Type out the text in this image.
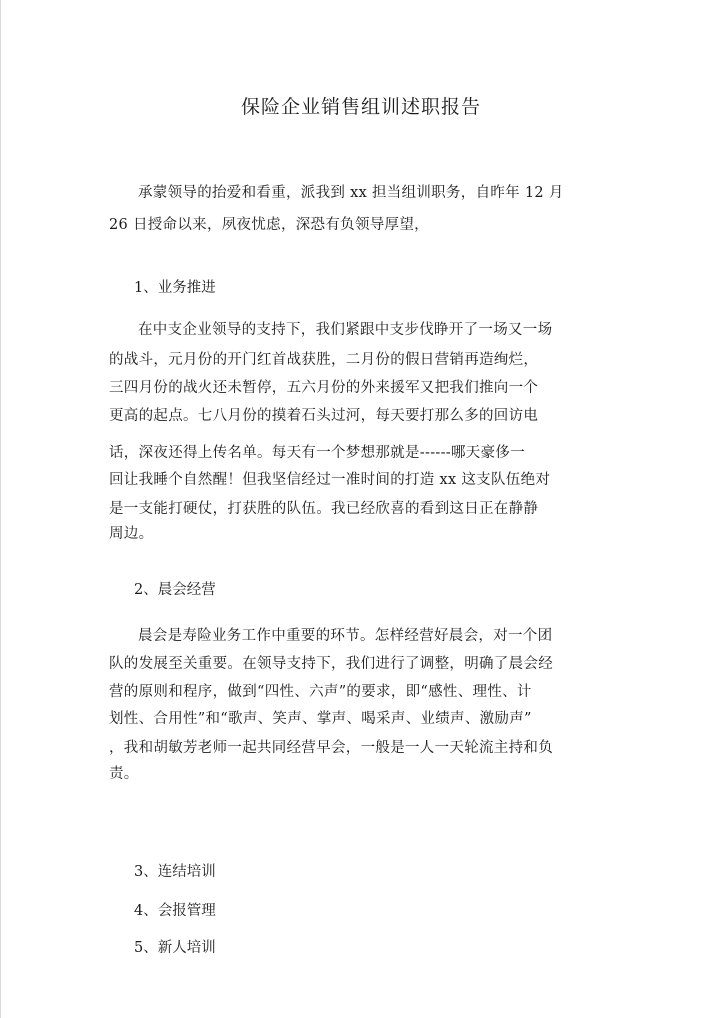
保险企业销售组训述职报告
承蒙领导的抬爱和看重，派我到 xx 担当组训职务，自昨年 12 月
26 日授命以来，夙夜忧虑，深恐有负领导厚望，
1、业务推进
在中支企业领导的支持下，我们紧跟中支步伐睁开了一场又一场
的战斗，元月份的开门红首战获胜，二月份的假日营销再造绚烂，
三四月份的战火还未暂停，五六月份的外来援军又把我们推向一个
更高的起点。七八月份的摸着石头过河，每天要打那么多的回访电
话，深夜还得上传名单。每天有一个梦想那就是------哪天豪侈一
回让我睡个自然醒！但我坚信经过一准时间的打造 xx 这支队伍绝对
是一支能打硬仗，打获胜的队伍。我已经欣喜的看到这日正在静静
周边。
2、晨会经营
晨会是寿险业务工作中重要的环节。怎样经营好晨会，对一个团
队的发展至关重要。在领导支持下，我们进行了调整，明确了晨会经
营的原则和程序，做到“四性、六声”的要求，即“感性、理性、计
划性、合用性”和“歌声、笑声、掌声、喝采声、业绩声、激励声”
，我和胡敏芳老师一起共同经营早会，一般是一人一天轮流主持和负
责。
3、连结培训
4、会报管理
5、新人培训
